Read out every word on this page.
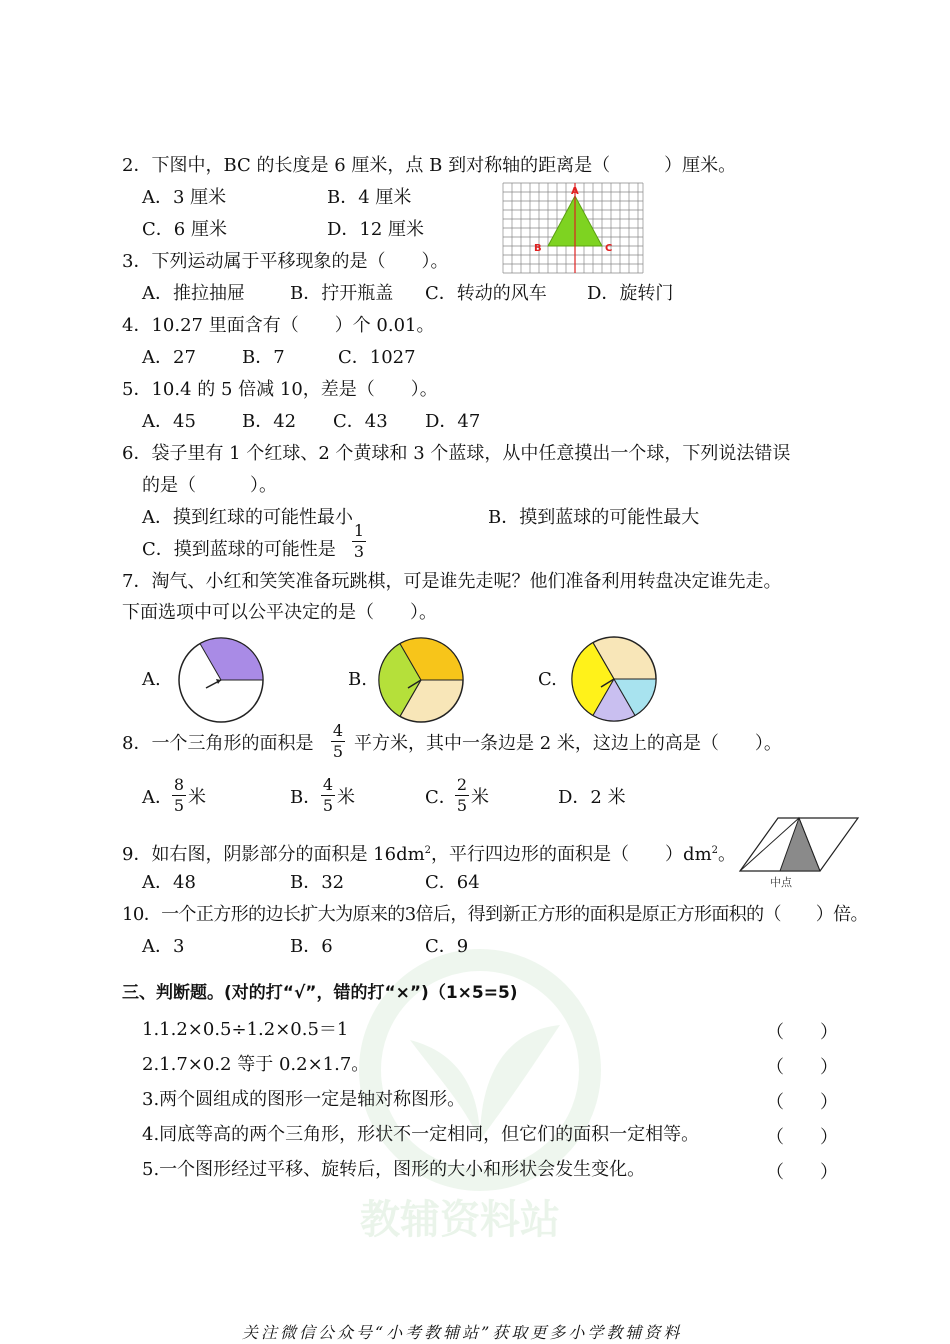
教辅资料站
2．下图中，BC 的长度是 6 厘米，点 B 到对称轴的距离是（　　　）厘米。
A．3 厘米	B．4 厘米
C．6 厘米	D．12 厘米
A
B	C
3．下列运动属于平移现象的是（　　）。
A．推拉抽屉	B．拧开瓶盖 C．转动的风车 D．旋转门
4．10.27 里面含有（　　）个 0.01。
A．27	B．7	C．1027
5．10.4 的 5 倍减 10，差是（　　）。
A．45	B．42 C．43 D．47
6．袋子里有 1 个红球、2 个黄球和 3 个蓝球，从中任意摸出一个球，下列说法错误
的是（　　　）。
A．摸到红球的可能性最小	B．摸到蓝球的可能性最大
C．摸到蓝球的可能性是
1
3
7．淘气、小红和笑笑准备玩跳棋，可是谁先走呢？他们准备利用转盘决定谁先走。
下面选项中可以公平决定的是（　　）。
A.	B.	C.
8．一个三角形的面积是
4
5 平方米，其中一条边是 2 米，这边上的高是（　　）。
A．
8
5 米	B．
4
5 米	C．
2
5 米	D．2 米
9．如右图，阴影部分的面积是 $16dm^2$，平行四边形的面积是（　　）$dm^2$。
A．48	B．32	C．64	中点
10．一个正方形的边长扩大为原来的3倍后，得到新正方形的面积是原正方形面积的（　　）倍。
A．3	B．6	C．9
三、判断题。(对的打“√”，错的打“×”)（1×5=5)
1.1.2×0.5÷1.2×0.5＝1	（　　）
2.1.7×0.2 等于 0.2×1.7。	（　　）
3.两个圆组成的图形一定是轴对称图形。	（　　）
4.同底等高的两个三角形，形状不一定相同，但它们的面积一定相等。	（　　）
5.一个图形经过平移、旋转后，图形的大小和形状会发生变化。	（　　）
关注微信公众号“小考教辅站”获取更多小学教辅资料
